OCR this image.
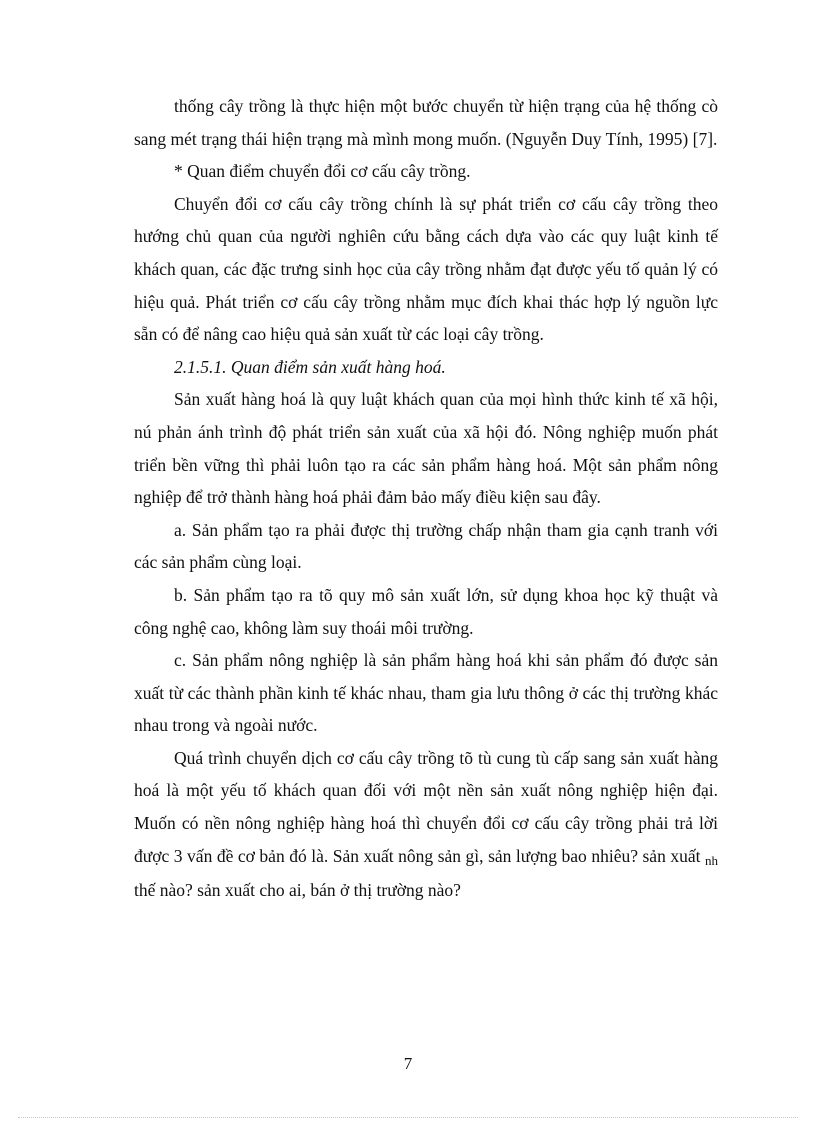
thống cây trồng là thực hiện một bước chuyển từ hiện trạng của hệ thống cò sang mét trạng thái hiện trạng mà mình mong muốn. (Nguyễn Duy Tính, 1995) [7].

* Quan điểm chuyển đổi cơ cấu cây trồng.

Chuyển đổi cơ cấu cây trồng chính là sự phát triển cơ cấu cây trồng theo hướng chủ quan của người nghiên cứu bằng cách dựa vào các quy luật kinh tế khách quan, các đặc trưng sinh học của cây trồng nhằm đạt được yếu tố quản lý có hiệu quả. Phát triển cơ cấu cây trồng nhằm mục đích khai thác hợp lý nguồn lực sẵn có để nâng cao hiệu quả sản xuất từ các loại cây trồng.

2.1.5.1. Quan điểm sản xuất hàng hoá.

Sản xuất hàng hoá là quy luật khách quan của mọi hình thức kinh tế xã hội, nú phản ánh trình độ phát triển sản xuất của xã hội đó. Nông nghiệp muốn phát triển bền vững thì phải luôn tạo ra các sản phẩm hàng hoá. Một sản phẩm nông nghiệp để trở thành hàng hoá phải đảm bảo mấy điều kiện sau đây.

a. Sản phẩm tạo ra phải được thị trường chấp nhận tham gia cạnh tranh với các sản phẩm cùng loại.

b. Sản phẩm tạo ra tõ quy mô sản xuất lớn, sử dụng khoa học kỹ thuật và công nghệ cao, không làm suy thoái môi trường.

c. Sản phẩm nông nghiệp là sản phẩm hàng hoá khi sản phẩm đó được sản xuất từ các thành phần kinh tế khác nhau, tham gia lưu thông ở các thị trường khác nhau trong và ngoài nước.

Quá trình chuyển dịch cơ cấu cây trồng tõ tù cung tù cấp sang sản xuất hàng hoá là một yếu tố khách quan đối với một nền sản xuất nông nghiệp hiện đại. Muốn có nền nông nghiệp hàng hoá thì chuyển đổi cơ cấu cây trồng phải trả lời được 3 vấn đề cơ bản đó là. Sản xuất nông sản gì, sản lượng bao nhiêu? sản xuất nh thế nào? sản xuất cho ai, bán ở thị trường nào?

7
